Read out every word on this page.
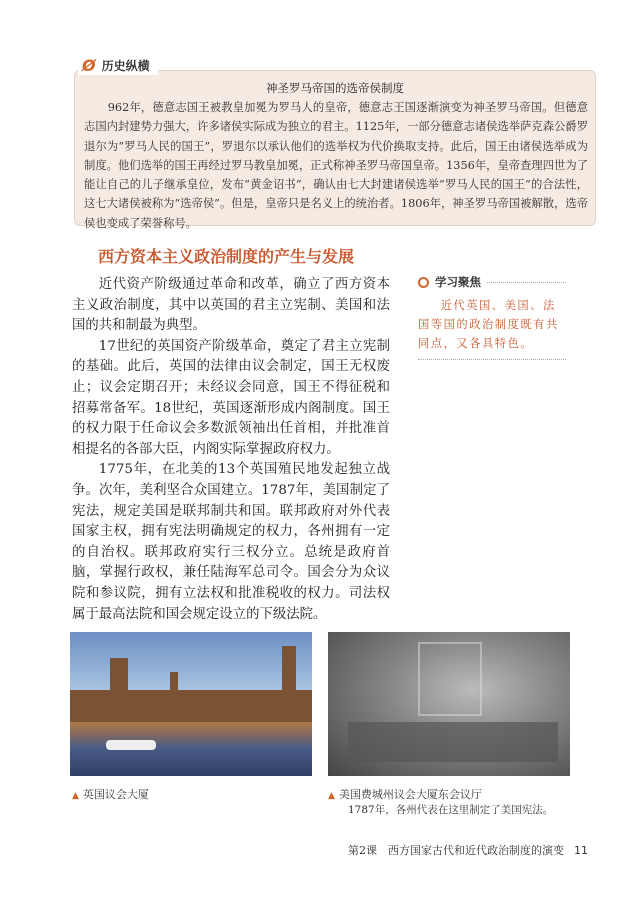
Ø 历史纵横
神圣罗马帝国的选帝侯制度
962年，德意志国王被教皇加冕为罗马人的皇帝，德意志王国逐渐演变为神圣罗马帝国。但德意志国内封建势力强大，许多诸侯实际成为独立的君主。1125年，一部分德意志诸侯选举萨克森公爵罗退尔为“罗马人民的国王”，罗退尔以承认他们的选举权为代价换取支持。此后，国王由诸侯选举成为制度。他们选举的国王再经过罗马教皇加冕，正式称神圣罗马帝国皇帝。1356年，皇帝查理四世为了能让自己的儿子继承皇位，发布“黄金诏书”，确认由七大封建诸侯选举“罗马人民的国王”的合法性，这七大诸侯被称为“选帝侯”。但是，皇帝只是名义上的统治者。1806年，神圣罗马帝国被解散，选帝侯也变成了荣誉称号。
西方资本主义政治制度的产生与发展

近代资产阶级通过革命和改革，确立了西方资本主义政治制度，其中以英国的君主立宪制、美国和法国的共和制最为典型。

17世纪的英国资产阶级革命，奠定了君主立宪制的基础。此后，英国的法律由议会制定，国王无权废止；议会定期召开；未经议会同意，国王不得征税和招募常备军。18世纪，英国逐渐形成内阁制度。国王的权力限于任命议会多数派领袖出任首相，并批准首相提名的各部大臣，内阁实际掌握政府权力。

1775年，在北美的13个英国殖民地发起独立战争。次年，美利坚合众国建立。1787年，美国制定了宪法，规定美国是联邦制共和国。联邦政府对外代表国家主权，拥有宪法明确规定的权力，各州拥有一定的自治权。联邦政府实行三权分立。总统是政府首脑，掌握行政权，兼任陆海军总司令。国会分为众议院和参议院，拥有立法权和批准税收的权力。司法权属于最高法院和国会规定设立的下级法院。

学习聚焦
近代英国、美国、法国等国的政治制度既有共同点，又各具特色。
▲ 英国议会大厦	▲ 美国费城州议会大厦东会议厅
1787年，各州代表在这里制定了美国宪法。
第2课　西方国家古代和近代政治制度的演变 11
